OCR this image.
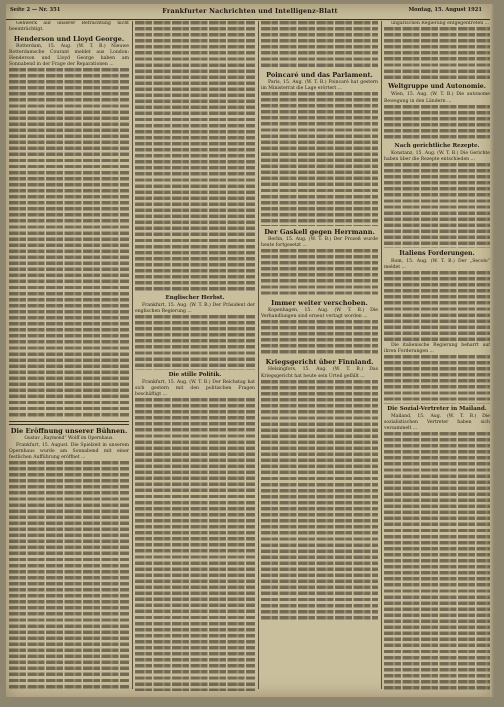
Seite 2 — Nr. 351	Frankfurter Nachrichten und Intelligenz-Blatt	Montag, 15. August 1921

Gehwerk auf unserer Betrachtung nicht beeinträchtigt.

Henderson und Lloyd George.

Rotterdam, 15. Aug. (W. T. B.) Nieuwe Rotterdamsche Courant meldet aus London: Henderson und Lloyd George haben am Sonnabend in der Frage der Reparationen ...

Die Eröffnung unserer Bühnen.
Gustav „Raymond“ Wolff im Opernhaus.

Frankfurt, 15. August. Die Spielzeit in unserem Opernhaus wurde am Sonnabend mit einer festlichen Aufführung eröffnet ...

Englischer Herbst.

Frankfurt, 15. Aug. (W. T. B.) Der Präsident der englischen Regierung ...

Die stille Politik.

Frankfurt, 15. Aug. (W. T. B.) Der Reichstag hat sich gestern mit den politischen Fragen beschäftigt ...

Poincaré und das Parlament.

Paris, 15. Aug. (W. T. B.) Poincaré hat gestern im Ministerrat die Lage erörtert ...

Der Gaskell gegen Herrmann.

Berlin, 15. Aug. (W. T. B.) Der Prozeß wurde heute fortgesetzt ...

Immer weiter verschoben.

Kopenhagen, 15. Aug. (W. T. B.) Die Verhandlungen sind erneut vertagt worden ...

Kriegsgericht über Finnland.

Helsingfors, 15. Aug. (W. T. B.) Das Kriegsgericht hat heute sein Urteil gefällt ...

ungarischen Regierung entgegentreten ...

Weltgruppe und Autonomie.

Wien, 15. Aug. (W. T. B.) Die autonome Bewegung in den Ländern ...

Nach gerichtliche Rezepte.

Konstanz, 15. Aug. (W. T. B.) Die Gerichte haben über die Rezepte entschieden ...

Italiens Forderungen.

Rom, 15. Aug. (W. T. B.) Der „Secolo“ meldet ...

Die italienische Regierung beharrt auf ihren Forderungen ...

Die Sozial-Vertreter in Mailand.

Mailand, 15. Aug. (W. T. B.) Die sozialistischen Vertreter haben sich versammelt ...
